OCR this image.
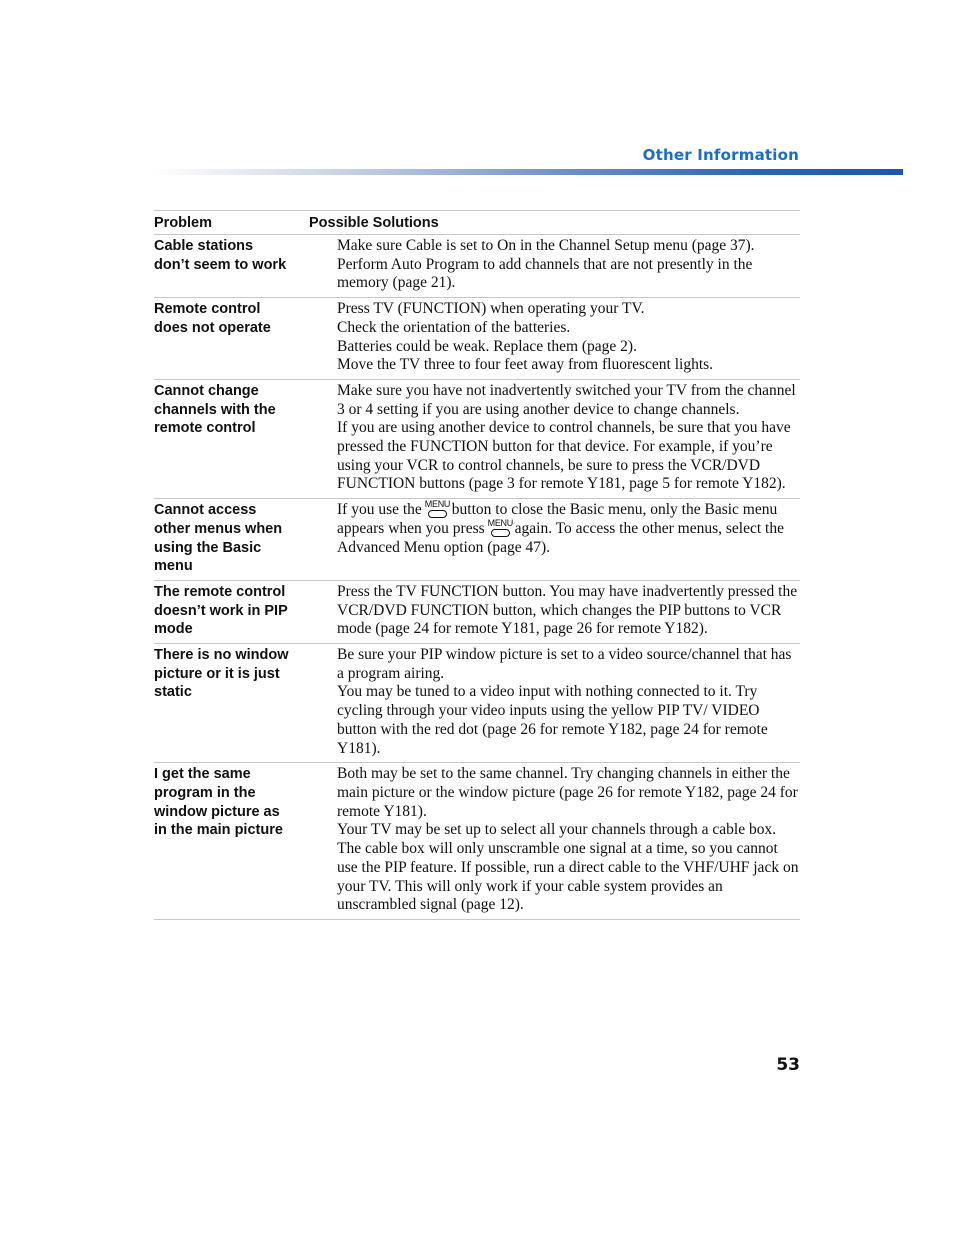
Other Information
Problem	Possible Solutions
Cable stations
don’t seem to work

Make sure Cable is set to On in the Channel Setup menu (page 37).

Perform Auto Program to add channels that are not presently in the memory (page 21).

Remote control
does not operate

Press TV (FUNCTION) when operating your TV.

Check the orientation of the batteries.

Batteries could be weak. Replace them (page 2).

Move the TV three to four feet away from fluorescent lights.

Cannot change
channels with the
remote control

Make sure you have not inadvertently switched your TV from the channel 3 or 4 setting if you are using another device to change channels.

If you are using another device to control channels, be sure that you have pressed the FUNCTION button for that device. For example, if you’re using your VCR to control channels, be sure to press the VCR/DVD FUNCTION buttons (page 3 for remote Y181, page 5 for remote Y182).

Cannot access
other menus when
using the Basic
menu

If you use the MENU button to close the Basic menu, only the Basic menu appears when you press MENU again. To access the other menus, select the Advanced Menu option (page 47).

The remote control
doesn’t work in PIP
mode

Press the TV FUNCTION button. You may have inadvertently pressed the VCR/DVD FUNCTION button, which changes the PIP buttons to VCR mode (page 24 for remote Y181, page 26 for remote Y182).

There is no window
picture or it is just
static

Be sure your PIP window picture is set to a video source/channel that has a program airing.

You may be tuned to a video input with nothing connected to it. Try cycling through your video inputs using the yellow PIP TV/ VIDEO button with the red dot (page 26 for remote Y182, page 24 for remote Y181).

I get the same
program in the
window picture as
in the main picture

Both may be set to the same channel. Try changing channels in either the main picture or the window picture (page 26 for remote Y182, page 24 for remote Y181).

Your TV may be set up to select all your channels through a cable box. The cable box will only unscramble one signal at a time, so you cannot use the PIP feature. If possible, run a direct cable to the VHF/UHF jack on your TV. This will only work if your cable system provides an unscrambled signal (page 12).

53
